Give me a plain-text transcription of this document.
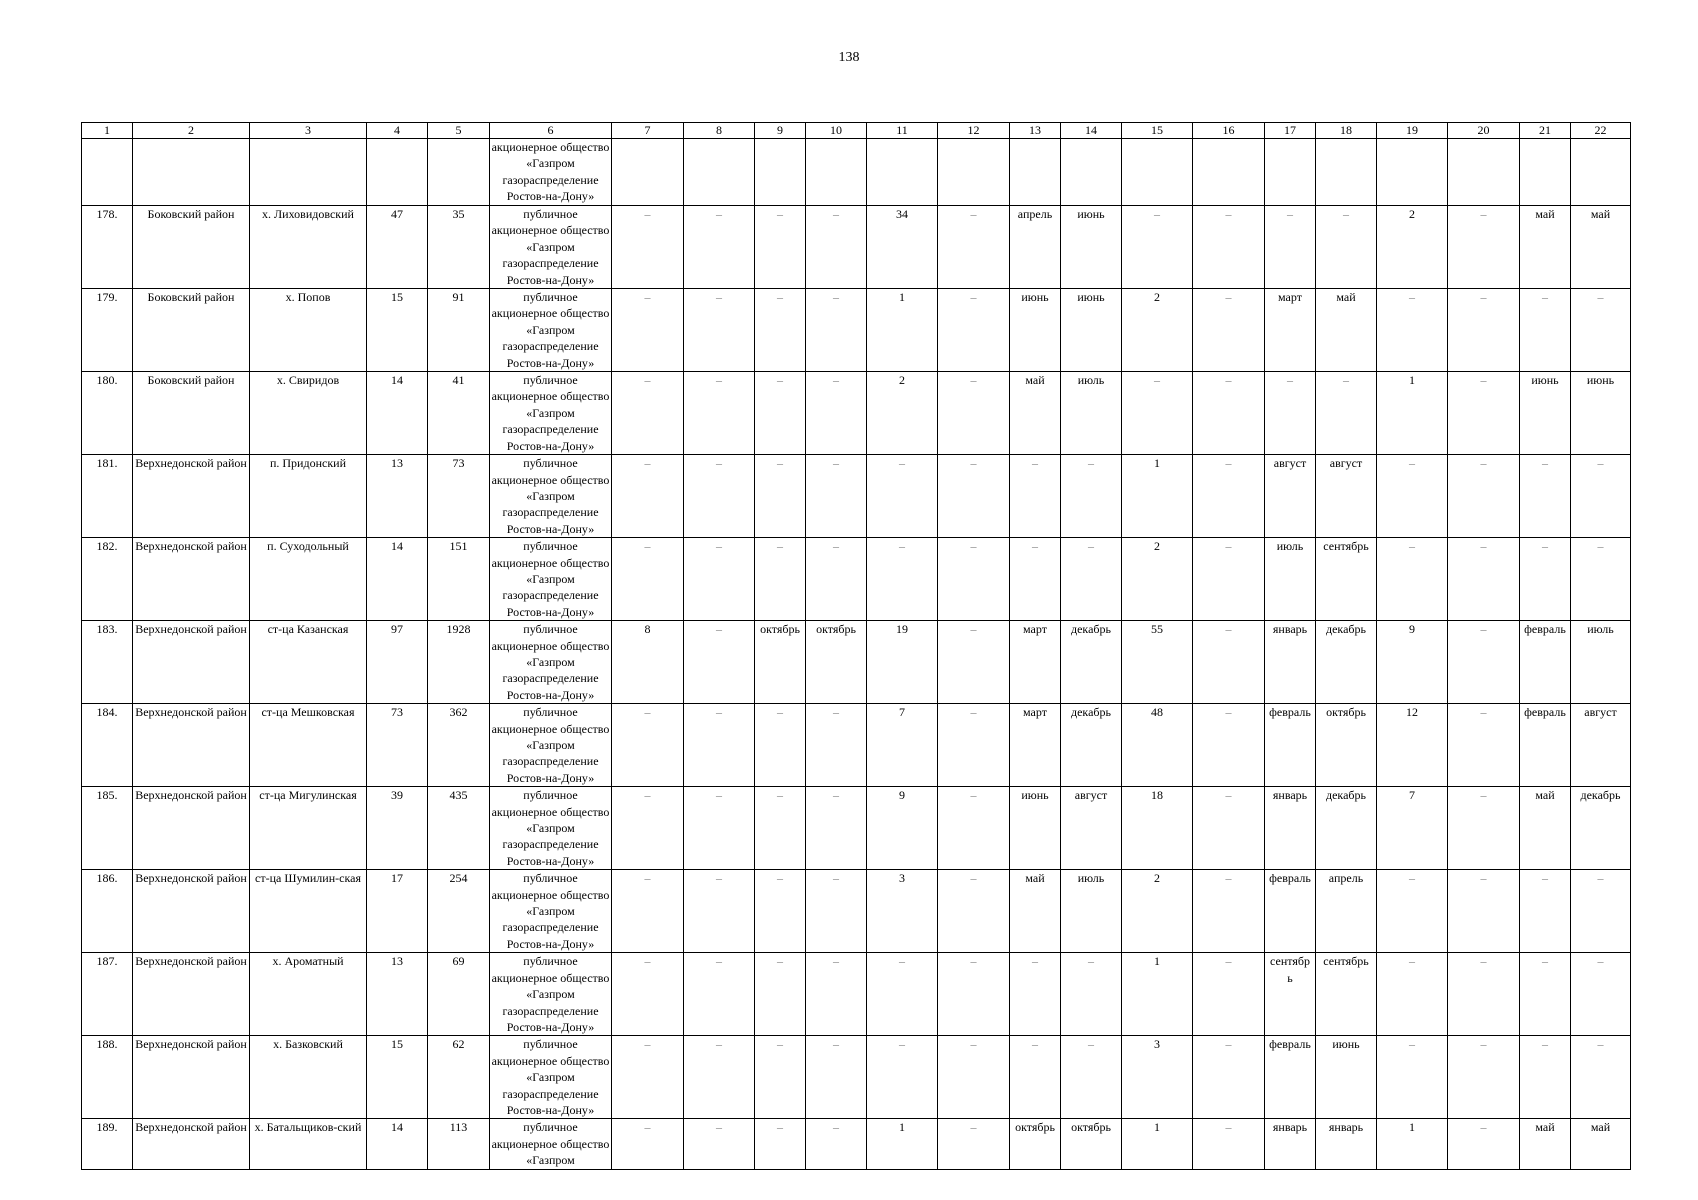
138
1	2	3	4	5	6	7	8	9	10	11	12	13	14	15	16	17	18	19	20	21	22
					акционерное общество «Газпром газораспределение Ростов-на-Дону»																
178.	Боковский район	х. Лиховидовский	47	35	публичное акционерное общество «Газпром газораспределение Ростов-на-Дону»	–	–	–	–	34	–	апрель	июнь	–	–	–	–	2	–	май	май
179.	Боковский район	х. Попов	15	91	публичное акционерное общество «Газпром газораспределение Ростов-на-Дону»	–	–	–	–	1	–	июнь	июнь	2	–	март	май	–	–	–	–
180.	Боковский район	х. Свиридов	14	41	публичное акционерное общество «Газпром газораспределение Ростов-на-Дону»	–	–	–	–	2	–	май	июль	–	–	–	–	1	–	июнь	июнь
181.	Верхнедонской район	п. Придонский	13	73	публичное акционерное общество «Газпром газораспределение Ростов-на-Дону»	–	–	–	–	–	–	–	–	1	–	август	август	–	–	–	–
182.	Верхнедонской район	п. Суходольный	14	151	публичное акционерное общество «Газпром газораспределение Ростов-на-Дону»	–	–	–	–	–	–	–	–	2	–	июль	сентябрь	–	–	–	–
183.	Верхнедонской район	ст-ца Казанская	97	1928	публичное акционерное общество «Газпром газораспределение Ростов-на-Дону»	8	–	октябрь	октябрь	19	–	март	декабрь	55	–	январь	декабрь	9	–	февраль	июль
184.	Верхнедонской район	ст-ца Мешковская	73	362	публичное акционерное общество «Газпром газораспределение Ростов-на-Дону»	–	–	–	–	7	–	март	декабрь	48	–	февраль	октябрь	12	–	февраль	август
185.	Верхнедонской район	ст-ца Мигулинская	39	435	публичное акционерное общество «Газпром газораспределение Ростов-на-Дону»	–	–	–	–	9	–	июнь	август	18	–	январь	декабрь	7	–	май	декабрь
186.	Верхнедонской район	ст-ца Шумилин-ская	17	254	публичное акционерное общество «Газпром газораспределение Ростов-на-Дону»	–	–	–	–	3	–	май	июль	2	–	февраль	апрель	–	–	–	–
187.	Верхнедонской район	х. Ароматный	13	69	публичное акционерное общество «Газпром газораспределение Ростов-на-Дону»	–	–	–	–	–	–	–	–	1	–	сентябр ь	сентябрь	–	–	–	–
188.	Верхнедонской район	х. Базковский	15	62	публичное акционерное общество «Газпром газораспределение Ростов-на-Дону»	–	–	–	–	–	–	–	–	3	–	февраль	июнь	–	–	–	–
189.	Верхнедонской район	х. Батальщиков-ский	14	113	публичное акционерное общество «Газпром	–	–	–	–	1	–	октябрь	октябрь	1	–	январь	январь	1	–	май	май
